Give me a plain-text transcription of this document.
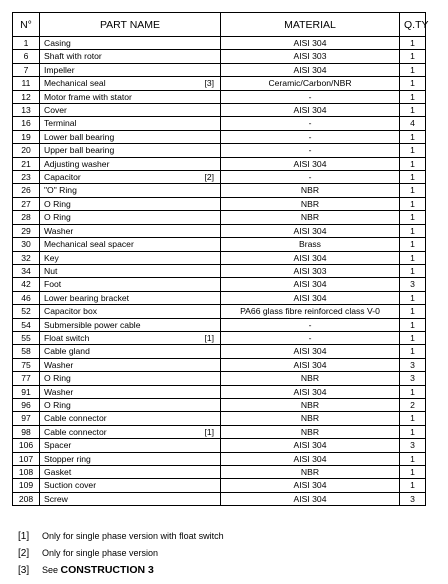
N°	PART NAME	MATERIAL	Q.TY
1	Casing	AISI 304	1
6	Shaft with rotor	AISI 303	1
7	Impeller	AISI 304	1
11	Mechanical seal [3]	Ceramic/Carbon/NBR	1
12	Motor frame with stator	-	1
13	Cover	AISI 304	1
16	Terminal	-	4
19	Lower ball bearing	-	1
20	Upper ball bearing	-	1
21	Adjusting washer	AISI 304	1
23	Capacitor [2]	-	1
26	"O" Ring	NBR	1
27	O Ring	NBR	1
28	O Ring	NBR	1
29	Washer	AISI 304	1
30	Mechanical seal spacer	Brass	1
32	Key	AISI 304	1
34	Nut	AISI 303	1
42	Foot	AISI 304	3
46	Lower bearing bracket	AISI 304	1
52	Capacitor box	PA66 glass fibre reinforced class V-0	1
54	Submersible power cable	-	1
55	Float switch [1]	-	1
58	Cable gland	AISI 304	1
75	Washer	AISI 304	3
77	O Ring	NBR	3
91	Washer	AISI 304	1
96	O Ring	NBR	2
97	Cable connector	NBR	1
98	Cable connector [1]	NBR	1
106	Spacer	AISI 304	3
107	Stopper ring	AISI 304	1
108	Gasket	NBR	1
109	Suction cover	AISI 304	1
208	Screw	AISI 304	3
[1] Only for single phase version with float switch
[2] Only for single phase version
[3] See CONSTRUCTION 3
